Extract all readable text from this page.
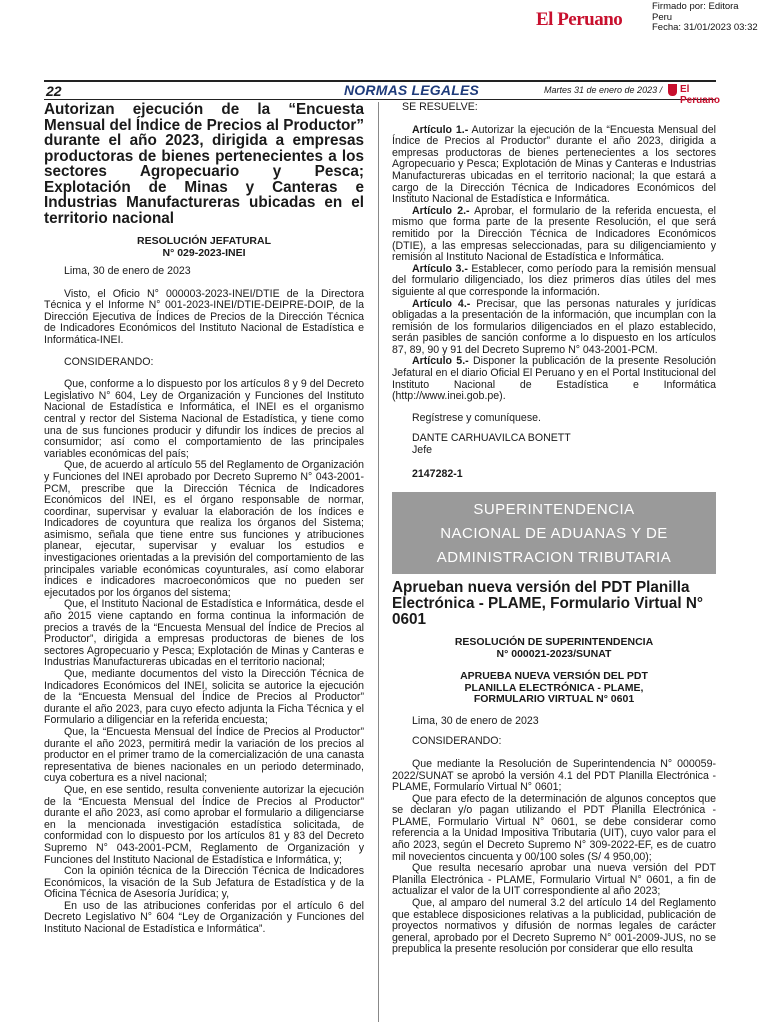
El Peruano
Firmado por: Editora
Peru
Fecha: 31/01/2023 03:32
22	NORMAS LEGALES	Martes 31 de enero de 2023 / El Peruano
Autorizan ejecución de la “Encuesta Mensual del Índice de Precios al Productor” durante el año 2023, dirigida a empresas productoras de bienes pertenecientes a los sectores Agropecuario y Pesca; Explotación de Minas y Canteras e Industrias Manufactureras ubicadas en el territorio nacional
RESOLUCIÓN JEFATURAL
N° 029-2023-INEI
Lima, 30 de enero de 2023
Visto, el Oficio N° 000003-2023-INEI/DTIE de la Directora Técnica y el Informe N° 001-2023-INEI/DTIE-DEIPRE-DOIP, de la Dirección Ejecutiva de Índices de Precios de la Dirección Técnica de Indicadores Económicos del Instituto Nacional de Estadística e Informática-INEI.
CONSIDERANDO:
Que, conforme a lo dispuesto por los artículos 8 y 9 del Decreto Legislativo N° 604, Ley de Organización y Funciones del Instituto Nacional de Estadística e Informática, el INEI es el organismo central y rector del Sistema Nacional de Estadística, y tiene como una de sus funciones producir y difundir los índices de precios al consumidor; así como el comportamiento de las principales variables económicas del país;
Que, de acuerdo al artículo 55 del Reglamento de Organización y Funciones del INEI aprobado por Decreto Supremo N° 043-2001-PCM, prescribe que la Dirección Técnica de Indicadores Económicos del INEI, es el órgano responsable de normar, coordinar, supervisar y evaluar la elaboración de los índices e Indicadores de coyuntura que realiza los órganos del Sistema; asimismo, señala que tiene entre sus funciones y atribuciones planear, ejecutar, supervisar y evaluar los estudios e investigaciones orientadas a la previsión del comportamiento de las principales variable económicas coyunturales, así como elaborar índices e indicadores macroeconómicos que no pueden ser ejecutados por los órganos del sistema;
Que, el Instituto Nacional de Estadística e Informática, desde el año 2015 viene captando en forma continua la información de precios a través de la “Encuesta Mensual del Índice de Precios al Productor”, dirigida a empresas productoras de bienes de los sectores Agropecuario y Pesca; Explotación de Minas y Canteras e Industrias Manufactureras ubicadas en el territorio nacional;
Que, mediante documentos del visto la Dirección Técnica de Indicadores Económicos del INEI, solicita se autorice la ejecución de la “Encuesta Mensual del Índice de Precios al Productor” durante el año 2023, para cuyo efecto adjunta la Ficha Técnica y el Formulario a diligenciar en la referida encuesta;
Que, la “Encuesta Mensual del Índice de Precios al Productor” durante el año 2023, permitirá medir la variación de los precios al productor en el primer tramo de la comercialización de una canasta representativa de bienes nacionales en un periodo determinado, cuya cobertura es a nivel nacional;
Que, en ese sentido, resulta conveniente autorizar la ejecución de la “Encuesta Mensual del Índice de Precios al Productor” durante el año 2023, así como aprobar el formulario a diligenciarse en la mencionada investigación estadística solicitada, de conformidad con lo dispuesto por los artículos 81 y 83 del Decreto Supremo N° 043-2001-PCM, Reglamento de Organización y Funciones del Instituto Nacional de Estadística e Informática, y;
Con la opinión técnica de la Dirección Técnica de Indicadores Económicos, la visación de la Sub Jefatura de Estadística y de la Oficina Técnica de Asesoría Jurídica; y,
En uso de las atribuciones conferidas por el artículo 6 del Decreto Legislativo N° 604 “Ley de Organización y Funciones del Instituto Nacional de Estadística e Informática”.
SE RESUELVE:
Artículo 1.- Autorizar la ejecución de la “Encuesta Mensual del Índice de Precios al Productor” durante el año 2023, dirigida a empresas productoras de bienes pertenecientes a los sectores Agropecuario y Pesca; Explotación de Minas y Canteras e Industrias Manufactureras ubicadas en el territorio nacional; la que estará a cargo de la Dirección Técnica de Indicadores Económicos del Instituto Nacional de Estadística e Informática.
Artículo 2.- Aprobar, el formulario de la referida encuesta, el mismo que forma parte de la presente Resolución, el que será remitido por la Dirección Técnica de Indicadores Económicos (DTIE), a las empresas seleccionadas, para su diligenciamiento y remisión al Instituto Nacional de Estadística e Informática.
Artículo 3.- Establecer, como período para la remisión mensual del formulario diligenciado, los diez primeros días útiles del mes siguiente al que corresponde la información.
Artículo 4.- Precisar, que las personas naturales y jurídicas obligadas a la presentación de la información, que incumplan con la remisión de los formularios diligenciados en el plazo establecido, serán pasibles de sanción conforme a lo dispuesto en los artículos 87, 89, 90 y 91 del Decreto Supremo N° 043-2001-PCM.
Artículo 5.- Disponer la publicación de la presente Resolución Jefatural en el diario Oficial El Peruano y en el Portal Institucional del Instituto Nacional de Estadística e Informática (http://www.inei.gob.pe).
Regístrese y comuníquese.
DANTE CARHUAVILCA BONETT
Jefe
2147282-1
SUPERINTENDENCIA
NACIONAL DE ADUANAS Y DE
ADMINISTRACION TRIBUTARIA
Aprueban nueva versión del PDT Planilla Electrónica - PLAME, Formulario Virtual N° 0601
RESOLUCIÓN DE SUPERINTENDENCIA
N° 000021-2023/SUNAT
APRUEBA NUEVA VERSIÓN DEL PDT
PLANILLA ELECTRÓNICA - PLAME,
FORMULARIO VIRTUAL N° 0601
Lima, 30 de enero de 2023
CONSIDERANDO:
Que mediante la Resolución de Superintendencia N° 000059-2022/SUNAT se aprobó la versión 4.1 del PDT Planilla Electrónica - PLAME, Formulario Virtual N° 0601;
Que para efecto de la determinación de algunos conceptos que se declaran y/o pagan utilizando el PDT Planilla Electrónica - PLAME, Formulario Virtual N° 0601, se debe considerar como referencia a la Unidad Impositiva Tributaria (UIT), cuyo valor para el año 2023, según el Decreto Supremo N° 309-2022-EF, es de cuatro mil novecientos cincuenta y 00/100 soles (S/ 4 950,00);
Que resulta necesario aprobar una nueva versión del PDT Planilla Electrónica - PLAME, Formulario Virtual N° 0601, a fin de actualizar el valor de la UIT correspondiente al año 2023;
Que, al amparo del numeral 3.2 del artículo 14 del Reglamento que establece disposiciones relativas a la publicidad, publicación de proyectos normativos y difusión de normas legales de carácter general, aprobado por el Decreto Supremo N° 001-2009-JUS, no se prepublica la presente resolución por considerar que ello resulta
